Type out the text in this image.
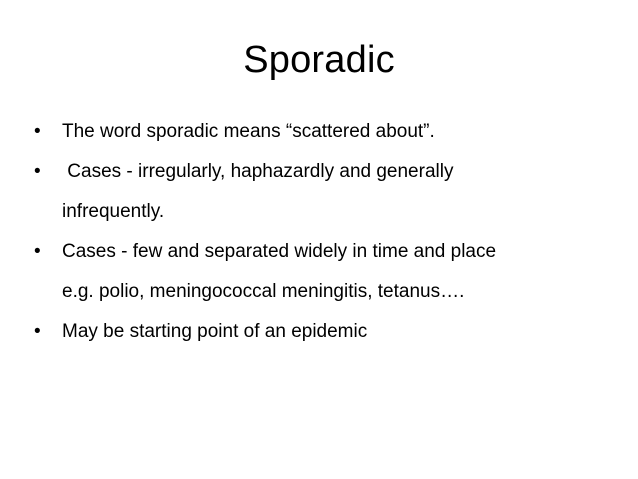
Sporadic
•	The word sporadic means “scattered about”.
•	Cases - irregularly, haphazardly and generally
infrequently.
•	Cases - few and separated widely in time and place
e.g. polio, meningococcal meningitis, tetanus….
•	May be starting point of an epidemic
